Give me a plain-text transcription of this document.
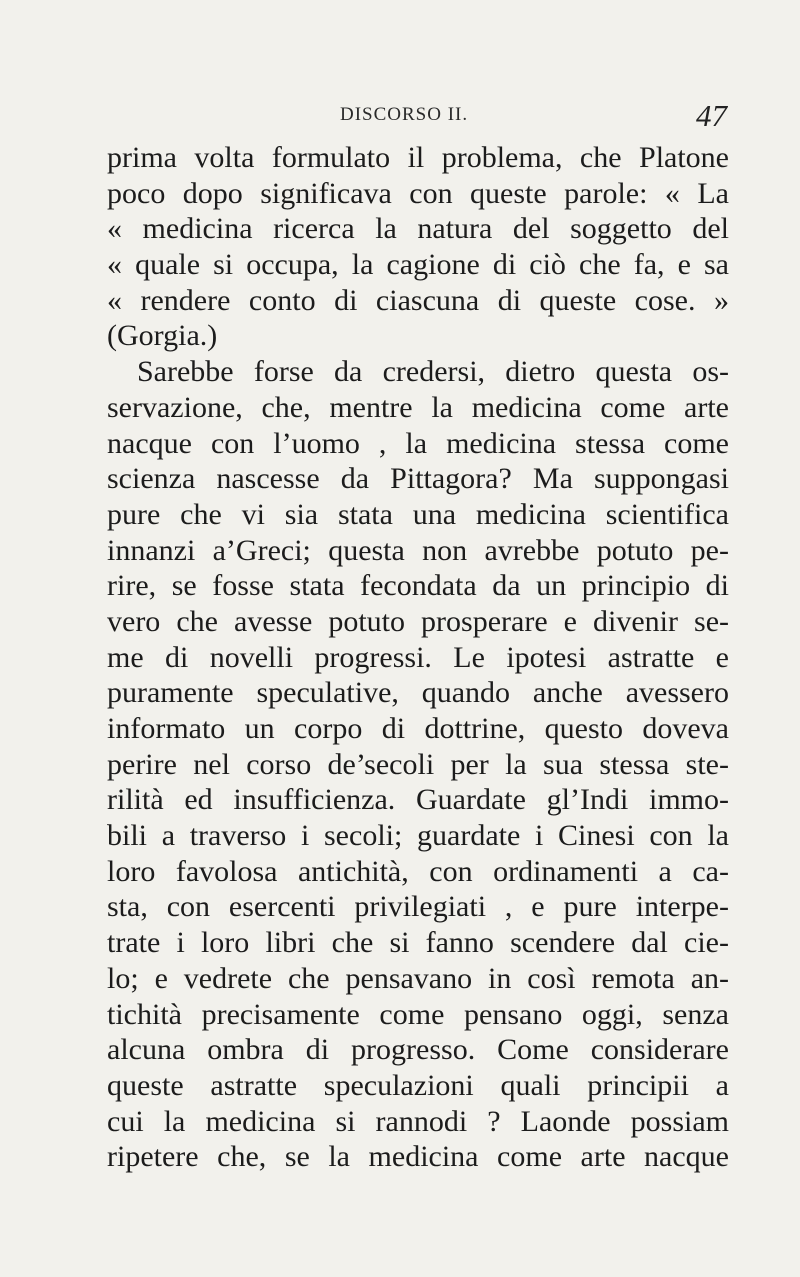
DISCORSO II.	47
prima volta formulato il problema, che Platone
poco dopo significava con queste parole: « La
« medicina ricerca la natura del soggetto del
« quale si occupa, la cagione di ciò che fa, e sa
« rendere conto di ciascuna di queste cose. »
(Gorgia.)
Sarebbe forse da credersi, dietro questa os-
servazione, che, mentre la medicina come arte
nacque con l’uomo , la medicina stessa come
scienza nascesse da Pittagora? Ma suppongasi
pure che vi sia stata una medicina scientifica
innanzi a’Greci; questa non avrebbe potuto pe-
rire, se fosse stata fecondata da un principio di
vero che avesse potuto prosperare e divenir se-
me di novelli progressi. Le ipotesi astratte e
puramente speculative, quando anche avessero
informato un corpo di dottrine, questo doveva
perire nel corso de’secoli per la sua stessa ste-
rilità ed insufficienza. Guardate gl’Indi immo-
bili a traverso i secoli; guardate i Cinesi con la
loro favolosa antichità, con ordinamenti a ca-
sta, con esercenti privilegiati , e pure interpe-
trate i loro libri che si fanno scendere dal cie-
lo; e vedrete che pensavano in così remota an-
tichità precisamente come pensano oggi, senza
alcuna ombra di progresso. Come considerare
queste astratte speculazioni quali principii a
cui la medicina si rannodi ? Laonde possiam
ripetere che, se la medicina come arte nacque
